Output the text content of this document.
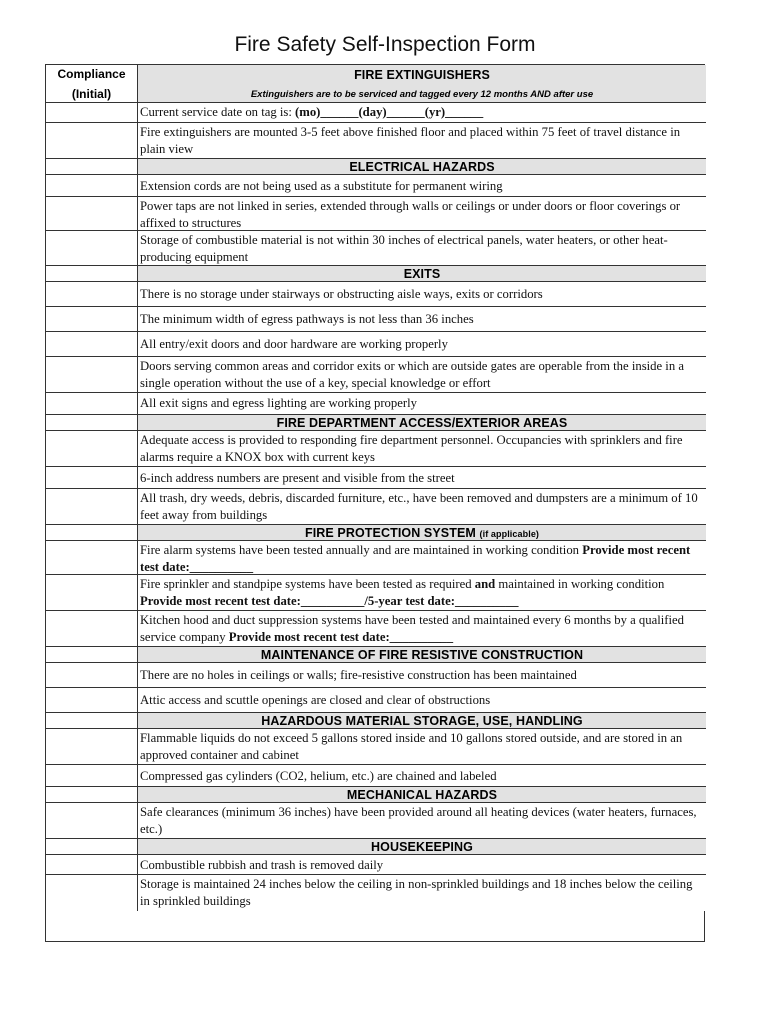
Fire Safety Self-Inspection Form
Compliance
(Initial)
FIRE EXTINGUISHERS
Extinguishers are to be serviced and tagged every 12 months AND after use
Current service date on tag is: (mo)______(day)______(yr)______
Fire extinguishers are mounted 3-5 feet above finished floor and placed within 75 feet of travel distance in plain view
ELECTRICAL HAZARDS
Extension cords are not being used as a substitute for permanent wiring
Power taps are not linked in series, extended through walls or ceilings or under doors or floor coverings or affixed to structures
Storage of combustible material is not within 30 inches of electrical panels, water heaters, or other heat-producing equipment
EXITS
There is no storage under stairways or obstructing aisle ways, exits or corridors
The minimum width of egress pathways is not less than 36 inches
All entry/exit doors and door hardware are working properly
Doors serving common areas and corridor exits or which are outside gates are operable from the inside in a single operation without the use of a key, special knowledge or effort
All exit signs and egress lighting are working properly
FIRE DEPARTMENT ACCESS/EXTERIOR AREAS
Adequate access is provided to responding fire department personnel. Occupancies with sprinklers and fire alarms require a KNOX box with current keys
6-inch address numbers are present and visible from the street
All trash, dry weeds, debris, discarded furniture, etc., have been removed and dumpsters are a minimum of 10 feet away from buildings
FIRE PROTECTION SYSTEM (if applicable)
Fire alarm systems have been tested annually and are maintained in working condition Provide most recent test date:__________
Fire sprinkler and standpipe systems have been tested as required and maintained in working condition Provide most recent test date:__________/5-year test date:__________
Kitchen hood and duct suppression systems have been tested and maintained every 6 months by a qualified service company Provide most recent test date:__________
MAINTENANCE OF FIRE RESISTIVE CONSTRUCTION
There are no holes in ceilings or walls; fire-resistive construction has been maintained
Attic access and scuttle openings are closed and clear of obstructions
HAZARDOUS MATERIAL STORAGE, USE, HANDLING
Flammable liquids do not exceed 5 gallons stored inside and 10 gallons stored outside, and are stored in an approved container and cabinet
Compressed gas cylinders (CO2, helium, etc.) are chained and labeled
MECHANICAL HAZARDS
Safe clearances (minimum 36 inches) have been provided around all heating devices (water heaters, furnaces, etc.)
HOUSEKEEPING
Combustible rubbish and trash is removed daily
Storage is maintained 24 inches below the ceiling in non-sprinkled buildings and 18 inches below the ceiling in sprinkled buildings
